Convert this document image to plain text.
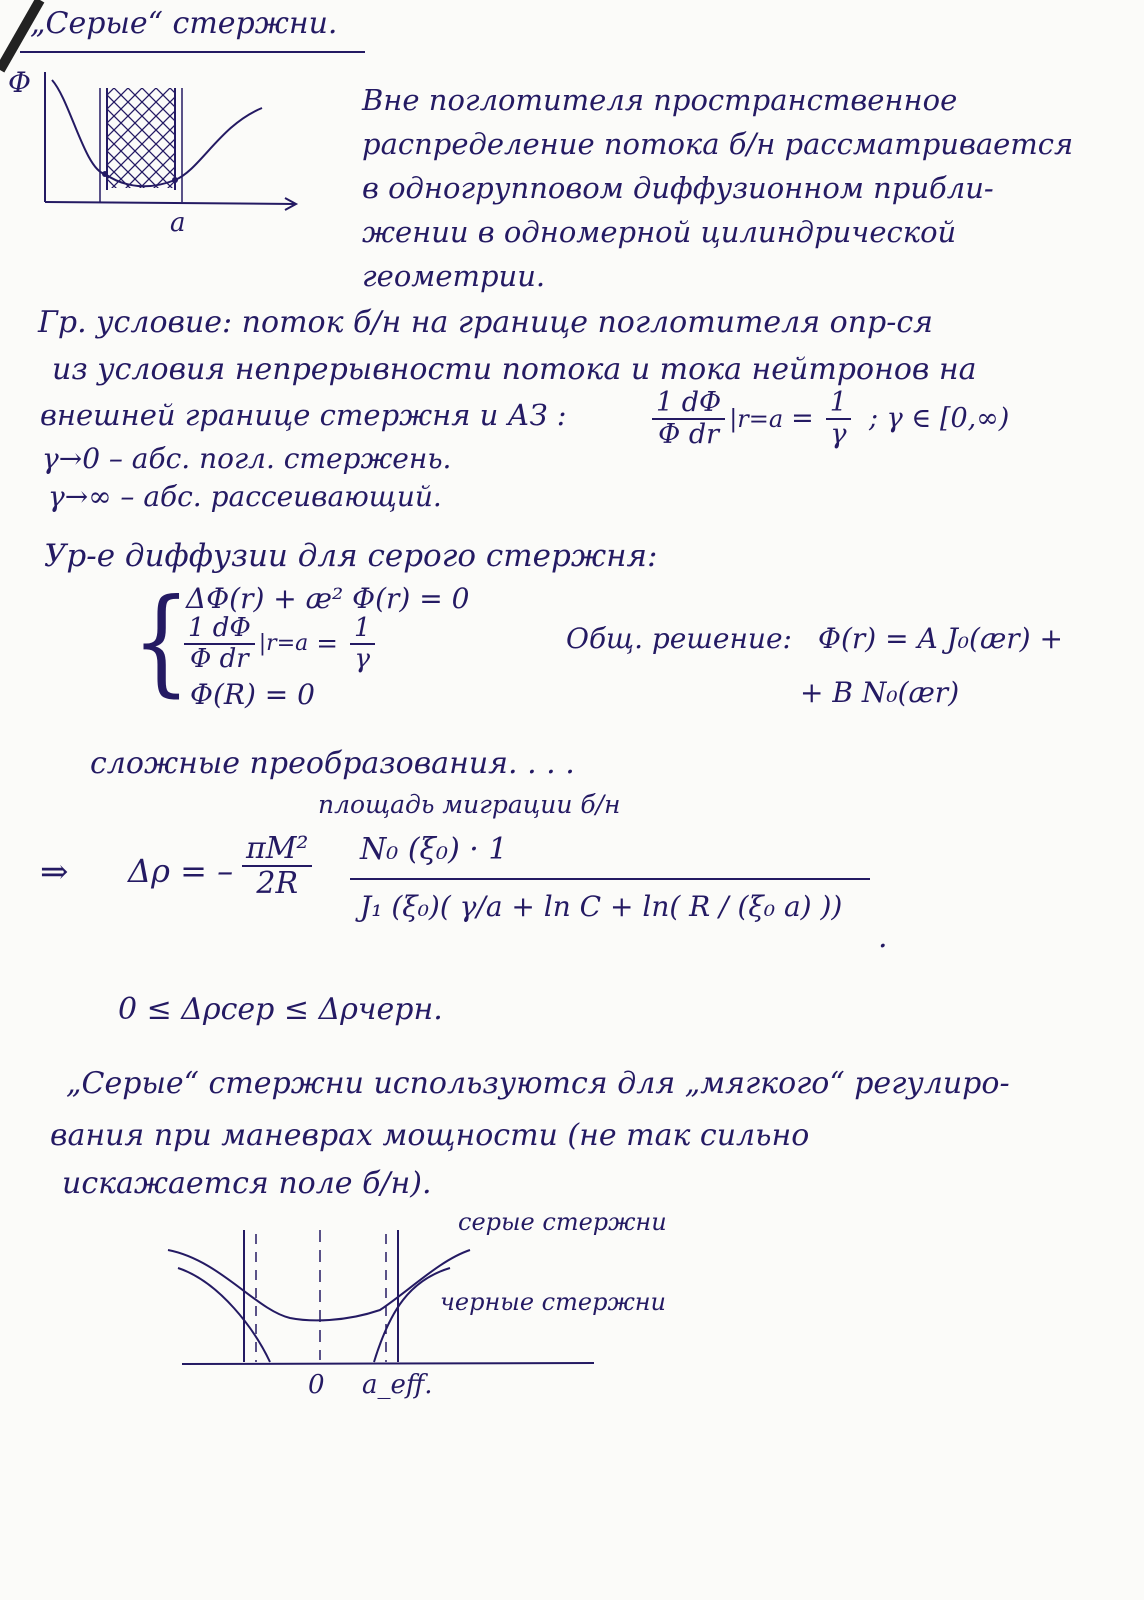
„Серые“ стержни.
Φ
a
Вне поглотителя пространственное
распределение потока б/н рассматривается
в одногрупповом диффузионном прибли-
жении в одномерной цилиндрической
геометрии.
Гр. условие: поток б/н на границе поглотителя опр-ся
из условия непрерывности потока и тока нейтронов на
внешней границе стержня и АЗ :	$\frac{1 d\Phi}{\text{Φ dr}} |r=a = \frac{1}{\gamma}$ ; γ ∈ [0,∞)
γ→0 – абс. погл. стержень.
γ→∞ – абс. рассеивающий.
Ур-е диффузии для серого стержня:
{
ΔΦ(r) + æ² Φ(r) = 0
$\frac{1 d\Phi}{\text{Φ dr}} |r=a = \frac{1}{\gamma}$
Φ(R) = 0
Общ. решение: Φ(r) = A J₀(ær) +
+ B N₀(ær)
сложные преобразования. . . .
площадь миграции б/н
⇒ Δρ = – $\frac{\text{πM²}}{2R} N_0$ (ξ₀) · 1
J₁ (ξ₀)( γ/a + ln C + ln( R / (ξ₀ a) ))
.
0 ≤ Δρсер ≤ Δρчерн.
„Серые“ стержни используются для „мягкого“ регулиро-
вания при маневрах мощности (не так сильно
искажается поле б/н).
серые стержни
черные стержни
0 a_eff.
